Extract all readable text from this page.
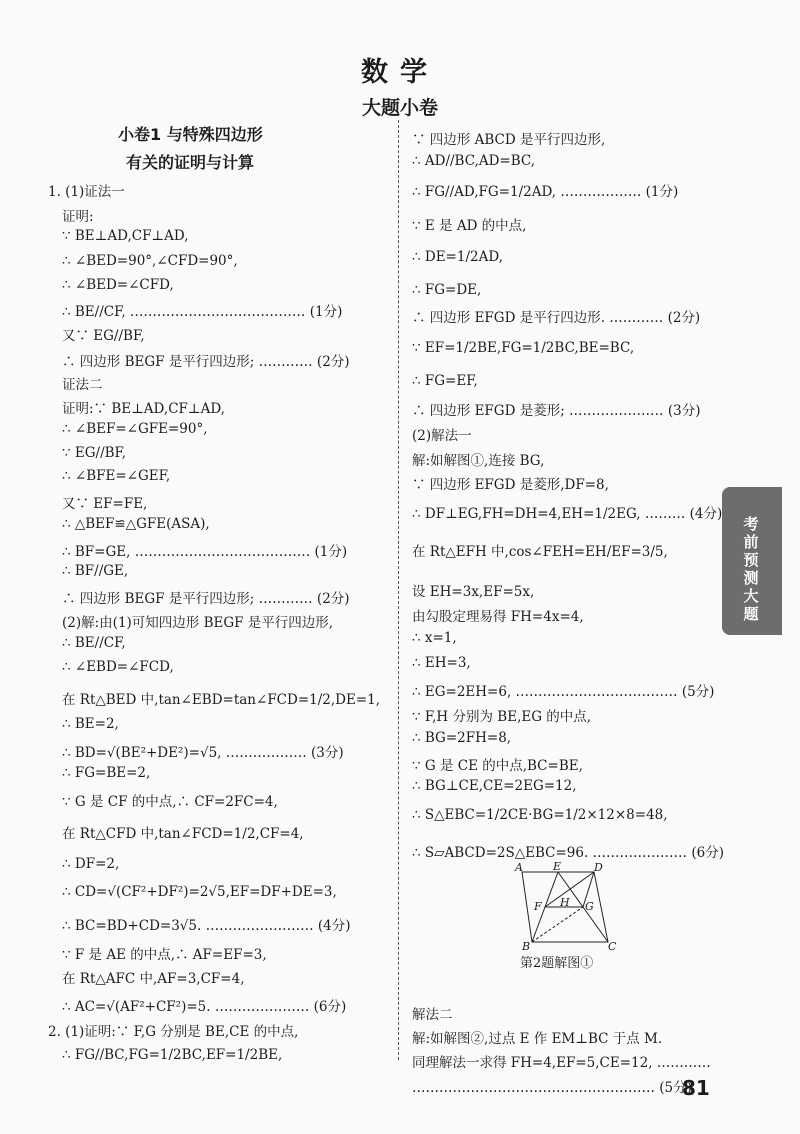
数学
大题小卷
小卷1 与特殊四边形
有关的证明与计算
1. (1)证法一
证明:
∵ BE⊥AD,CF⊥AD,
∴ ∠BED=90°,∠CFD=90°,
∴ ∠BED=∠CFD,
∴ BE//CF, ………………………………… (1分)
又∵ EG//BF,
∴ 四边形 BEGF 是平行四边形; ………… (2分)
证法二
证明:∵ BE⊥AD,CF⊥AD,
∴ ∠BEF=∠GFE=90°,
∵ EG//BF,
∴ ∠BFE=∠GEF,
又∵ EF=FE,
∴ △BEF≌△GFE(ASA),
∴ BF=GE, ………………………………… (1分)
∴ BF//GE,
∴ 四边形 BEGF 是平行四边形; ………… (2分)
(2)解:由(1)可知四边形 BEGF 是平行四边形,
∴ BE//CF,
∴ ∠EBD=∠FCD,
在 Rt△BED 中,tan∠EBD=tan∠FCD=1/2,DE=1,
∴ BE=2,
∴ BD=√(BE²+DE²)=√5, ……………… (3分)
∴ FG=BE=2,
∵ G 是 CF 的中点,∴ CF=2FC=4,
在 Rt△CFD 中,tan∠FCD=1/2,CF=4,
∴ DF=2,
∴ CD=√(CF²+DF²)=2√5,EF=DF+DE=3,
∴ BC=BD+CD=3√5. …………………… (4分)
∵ F 是 AE 的中点,∴ AF=EF=3,
在 Rt△AFC 中,AF=3,CF=4,
∴ AC=√(AF²+CF²)=5. ………………… (6分)
2. (1)证明:∵ F,G 分别是 BE,CE 的中点,
∴ FG//BC,FG=1/2BC,EF=1/2BE,
∵ 四边形 ABCD 是平行四边形,
∴ AD//BC,AD=BC,
∴ FG//AD,FG=1/2AD, ……………… (1分)
∵ E 是 AD 的中点,
∴ DE=1/2AD,
∴ FG=DE,
∴ 四边形 EFGD 是平行四边形. ………… (2分)
∵ EF=1/2BE,FG=1/2BC,BE=BC,
∴ FG=EF,
∴ 四边形 EFGD 是菱形; ………………… (3分)
(2)解法一
解:如解图①,连接 BG,
∵ 四边形 EFGD 是菱形,DF=8,
∴ DF⊥EG,FH=DH=4,EH=1/2EG, ……… (4分)
在 Rt△EFH 中,cos∠FEH=EH/EF=3/5,
设 EH=3x,EF=5x,
由勾股定理易得 FH=4x=4,
∴ x=1,
∴ EH=3,
∴ EG=2EH=6, ……………………………… (5分)
∵ F,H 分别为 BE,EG 的中点,
∴ BG=2FH=8,
∵ G 是 CE 的中点,BC=BE,
∴ BG⊥CE,CE=2EG=12,
∴ S△EBC=1/2CE·BG=1/2×12×8=48,
∴ S▱ABCD=2S△EBC=96. ………………… (6分)
解法二
解:如解图②,过点 E 作 EM⊥BC 于点 M.
同理解法一求得 FH=4,EF=5,CE=12, …………
……………………………………………… (5分)
A	E	D
F H G
B	C
第2题解图①
考前预测大题
81
